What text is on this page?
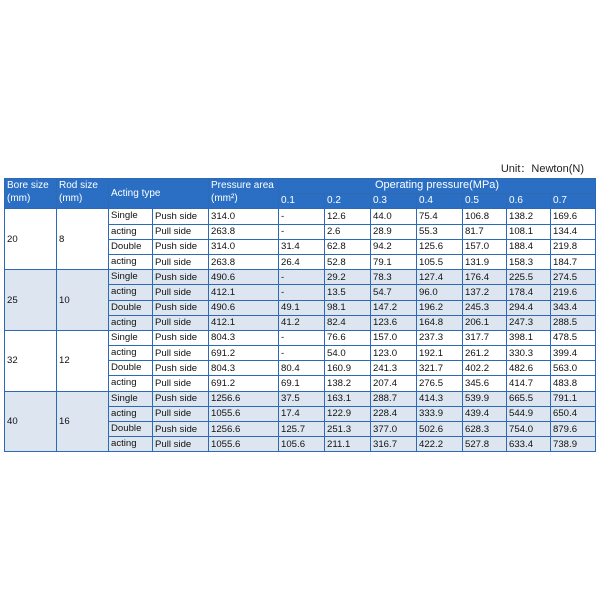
Unit：Newton(N)
Bore size
(mm)	Rod size
(mm)	Acting type		Pressure area
(mm²)	Operating pressure(MPa)						
					0.1	0.2	0.3	0.4	0.5	0.6	0.7
20	8	Single	Push side	314.0	-	12.6	44.0	75.4	106.8	138.2	169.6
		acting	Pull side	263.8	-	2.6	28.9	55.3	81.7	108.1	134.4
		Double	Push side	314.0	31.4	62.8	94.2	125.6	157.0	188.4	219.8
		acting	Pull side	263.8	26.4	52.8	79.1	105.5	131.9	158.3	184.7
25	10	Single	Push side	490.6	-	29.2	78.3	127.4	176.4	225.5	274.5
		acting	Pull side	412.1	-	13.5	54.7	96.0	137.2	178.4	219.6
		Double	Push side	490.6	49.1	98.1	147.2	196.2	245.3	294.4	343.4
		acting	Pull side	412.1	41.2	82.4	123.6	164.8	206.1	247.3	288.5
32	12	Single	Push side	804.3	-	76.6	157.0	237.3	317.7	398.1	478.5
		acting	Pull side	691.2	-	54.0	123.0	192.1	261.2	330.3	399.4
		Double	Push side	804.3	80.4	160.9	241.3	321.7	402.2	482.6	563.0
		acting	Pull side	691.2	69.1	138.2	207.4	276.5	345.6	414.7	483.8
40	16	Single	Push side	1256.6	37.5	163.1	288.7	414.3	539.9	665.5	791.1
		acting	Pull side	1055.6	17.4	122.9	228.4	333.9	439.4	544.9	650.4
		Double	Push side	1256.6	125.7	251.3	377.0	502.6	628.3	754.0	879.6
		acting	Pull side	1055.6	105.6	211.1	316.7	422.2	527.8	633.4	738.9
